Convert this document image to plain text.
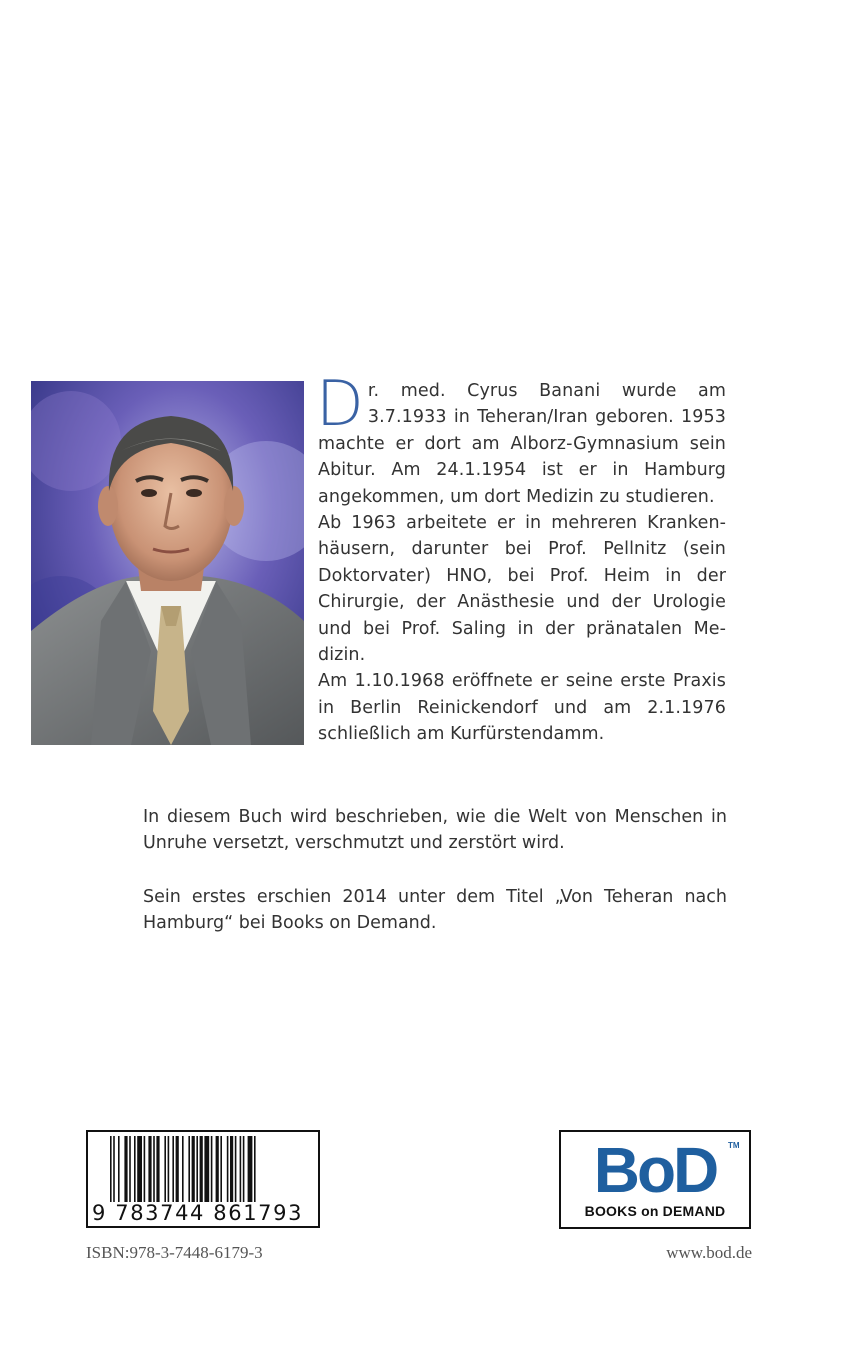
D r. med. Cyrus Banani wurde am 3.7.1933 in Teheran/Iran geboren. 1953 machte er dort am Alborz-Gymnasium sein Abitur. Am 24.1.1954 ist er in Hamburg angekommen, um dort Medizin zu studieren.

Ab 1963 arbeitete er in mehreren Krankenhäusern, darunter bei Prof. Pellnitz (sein Doktorvater) HNO, bei Prof. Heim in der Chirurgie, der Anästhesie und der Urologie und bei Prof. Saling in der pränatalen Medizin.

Am 1.10.1968 eröffnete er seine erste Praxis in Berlin Reinickendorf und am 2.1.1976 schließlich am Kurfürstendamm.

In diesem Buch wird beschrieben, wie die Welt von Menschen in Unruhe versetzt, verschmutzt und zerstört wird.

Sein erstes erschien 2014 unter dem Titel „Von Teheran nach Hamburg“ bei Books on Demand.

9 783744 861793
BoD	TM
BOOKS on DEMAND
ISBN:978-3-7448-6179-3	www.bod.de
